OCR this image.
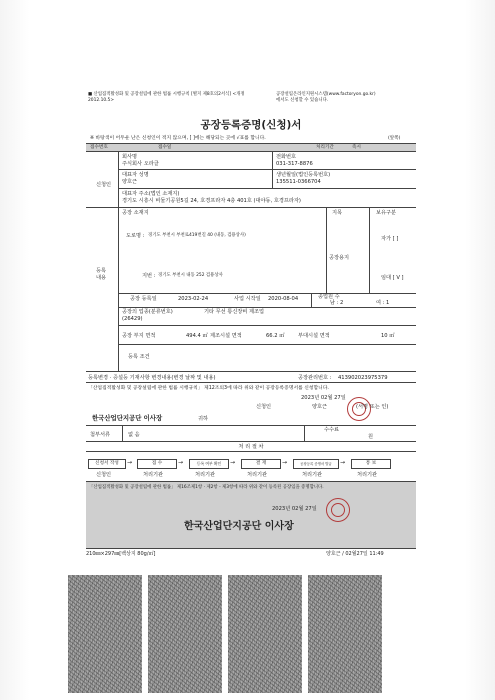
■ 산업집적활성화 및 공장설립에 관한 법률 시행규칙 [별지 제8호의2서식] <개정
2012.10.5>
공장설립온라인지원시스템(www.factoryon.go.kr)
에서도 신청할 수 있습니다.
공장등록증명(신청)서
※ 바탕색이 어두운 난은 신청인이 적지 않으며, [ ]에는 해당되는 곳에 √표를 합니다.	(앞쪽)
접수번호	접수일	처리기간	즉시
신청인
회사명
주식회사 오라클
전화번호
031-317-8876
대표자 성명
양호근
생년월일(법인등록번호)
135511-0366704
대표자 주소(법인 소재지)
경기도 시흥시 비둘기공원5길 24, 호경프라자 4층 401호 (대야동, 호경프라자)
등록
내용
공장 소재지
도로명 : 경기도 부천시 부천로419번길 40 (내동, 검용상사)
지번 : 경기도 부천시 내동 252 검용상사
지목	보유구분
공장용지
자가 [ ]
임대 [ V ]
공장 등록일	2023-02-24	사업 시작일 2020-08-04	종업원 수
남 : 2	여 : 1
공장의 업종(분류번호)	기타 무선 통신장비 제조업
(26429)
공장 부지 면적	494.4 ㎡ 제조시설 면적	66.2 ㎡	부대시설 면적	10 ㎡
등록 조건
등록변경 · 증설등 기재사항 변경내용(변경 날짜 및 내용)	공장관리번호 : 413902023975379
「산업집적활성화 및 공장설립에 관한 법률 시행규칙」 제12조의3에 따라 위와 같이 공장등록증명서를 신청합니다.
2023년 02월 27일
신청인	양호근	(서명 또는 인)
한국산업단지공단 이사장	귀하
첨부서류	없 음
수수료
원
처 리 절 차
신청서 작성	→	접 수	→	등록 여부 확인	→	결 재	→	공장등록 증명서 발급	→	통 보
신청인	처리기관	처리기관	처리기관	처리기관	처리기관
「산업집적활성화 및 공장설립에 관한 법률」 제16조제1항 · 제2항 - 제3항에 따라 위와 같이 등록된 공장임을 증명합니다.
2023년 02월 27일
한국산업단지공단 이사장
210㎜×297㎜[백상지 80g/㎡]	양호근 / 02월27일 11:49
